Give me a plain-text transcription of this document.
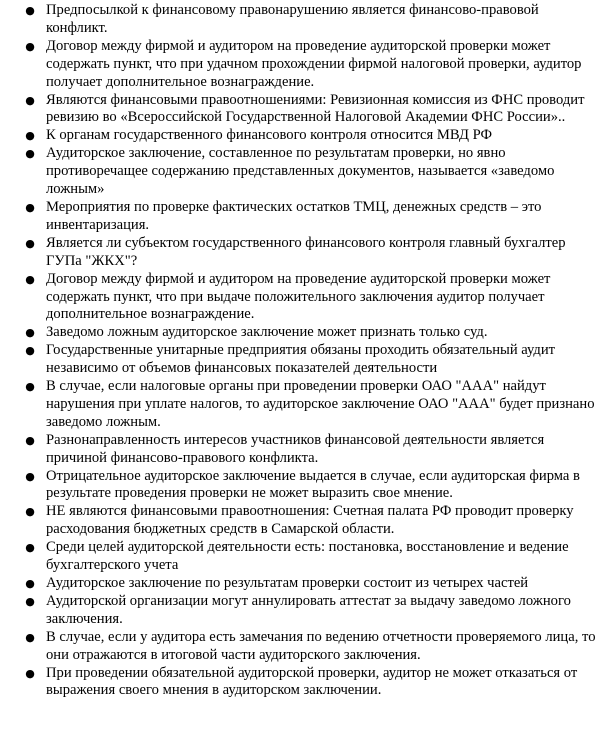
● Предпосылкой к финансовому правонарушению является финансово-правовой конфликт.
● Договор между фирмой и аудитором на проведение аудиторской проверки может содержать пункт, что при удачном прохождении фирмой налоговой проверки, аудитор получает дополнительное вознаграждение.
● Являются финансовыми правоотношениями: Ревизионная комиссия из ФНС проводит ревизию во «Всероссийской Государственной Налоговой Академии ФНС России»..
● К органам государственного финансового контроля относится МВД РФ
● Аудиторское заключение, составленное по результатам проверки, но явно противоречащее содержанию представленных документов, называется «заведомо ложным»
● Мероприятия по проверке фактических остатков ТМЦ, денежных средств – это инвентаризация.
● Является ли субъектом государственного финансового контроля главный бухгалтер ГУПа "ЖКХ"?
● Договор между фирмой и аудитором на проведение аудиторской проверки может содержать пункт, что при выдаче положительного заключения аудитор получает дополнительное вознаграждение.
● Заведомо ложным аудиторское заключение может признать только суд.
● Государственные унитарные предприятия обязаны проходить обязательный аудит независимо от объемов финансовых показателей деятельности
● В случае, если налоговые органы при проведении проверки ОАО "ААА" найдут нарушения при уплате налогов, то аудиторское заключение ОАО "ААА" будет признано заведомо ложным.
● Разнонаправленность интересов участников финансовой деятельности является причиной финансово-правового конфликта.
● Отрицательное аудиторское заключение выдается в случае, если аудиторская фирма в результате проведения проверки не может выразить свое мнение.
● НЕ являются финансовыми правоотношения: Счетная палата РФ проводит проверку расходования бюджетных средств в Самарской области.
● Среди целей аудиторской деятельности есть: постановка, восстановление и ведение бухгалтерского учета
● Аудиторское заключение по результатам проверки состоит из четырех частей
● Аудиторской организации могут аннулировать аттестат за выдачу заведомо ложного заключения.
● В случае, если у аудитора есть замечания по ведению отчетности проверяемого лица, то они отражаются в итоговой части аудиторского заключения.
● При проведении обязательной аудиторской проверки, аудитор не может отказаться от выражения своего мнения в аудиторском заключении.
